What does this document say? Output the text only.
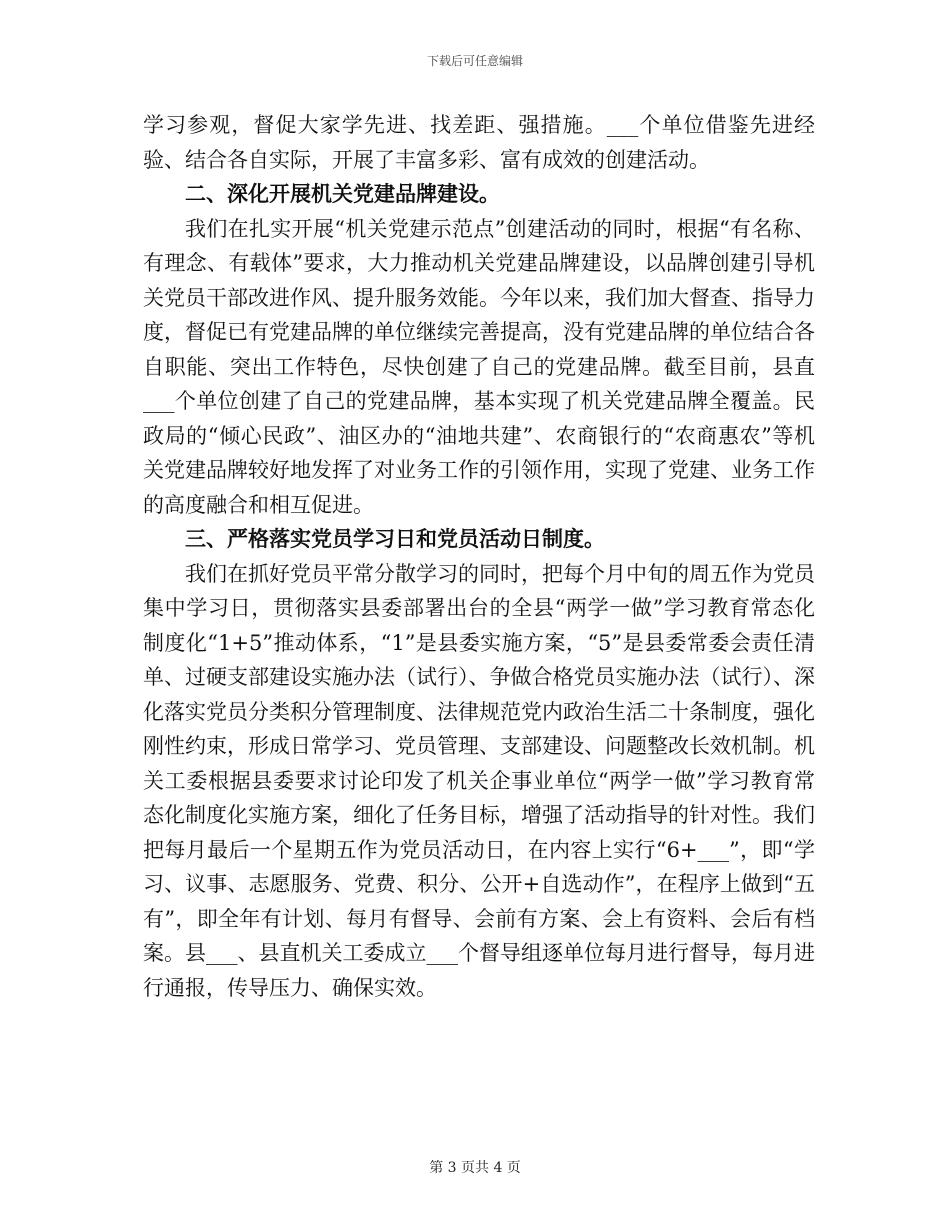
下载后可任意编辑

学习参观，督促大家学先进、找差距、强措施。___个单位借鉴先进经验、结合各自实际，开展了丰富多彩、富有成效的创建活动。

二、深化开展机关党建品牌建设。

我们在扎实开展“机关党建示范点”创建活动的同时，根据“有名称、有理念、有载体”要求，大力推动机关党建品牌建设，以品牌创建引导机关党员干部改进作风、提升服务效能。今年以来，我们加大督查、指导力度，督促已有党建品牌的单位继续完善提高，没有党建品牌的单位结合各自职能、突出工作特色，尽快创建了自己的党建品牌。截至目前，县直___个单位创建了自己的党建品牌，基本实现了机关党建品牌全覆盖。民政局的“倾心民政”、油区办的“油地共建”、农商银行的“农商惠农”等机关党建品牌较好地发挥了对业务工作的引领作用，实现了党建、业务工作的高度融合和相互促进。

三、严格落实党员学习日和党员活动日制度。

我们在抓好党员平常分散学习的同时，把每个月中旬的周五作为党员集中学习日，贯彻落实县委部署出台的全县“两学一做”学习教育常态化制度化“1+5”推动体系，“1”是县委实施方案，“5”是县委常委会责任清单、过硬支部建设实施办法（试行）、争做合格党员实施办法（试行）、深化落实党员分类积分管理制度、法律规范党内政治生活二十条制度，强化刚性约束，形成日常学习、党员管理、支部建设、问题整改长效机制。机关工委根据县委要求讨论印发了机关企事业单位“两学一做”学习教育常态化制度化实施方案，细化了任务目标，增强了活动指导的针对性。我们把每月最后一个星期五作为党员活动日，在内容上实行“6+___”，即“学习、议事、志愿服务、党费、积分、公开+自选动作”，在程序上做到“五有”，即全年有计划、每月有督导、会前有方案、会上有资料、会后有档案。县___、县直机关工委成立___个督导组逐单位每月进行督导，每月进行通报，传导压力、确保实效。

第 3 页共 4 页
